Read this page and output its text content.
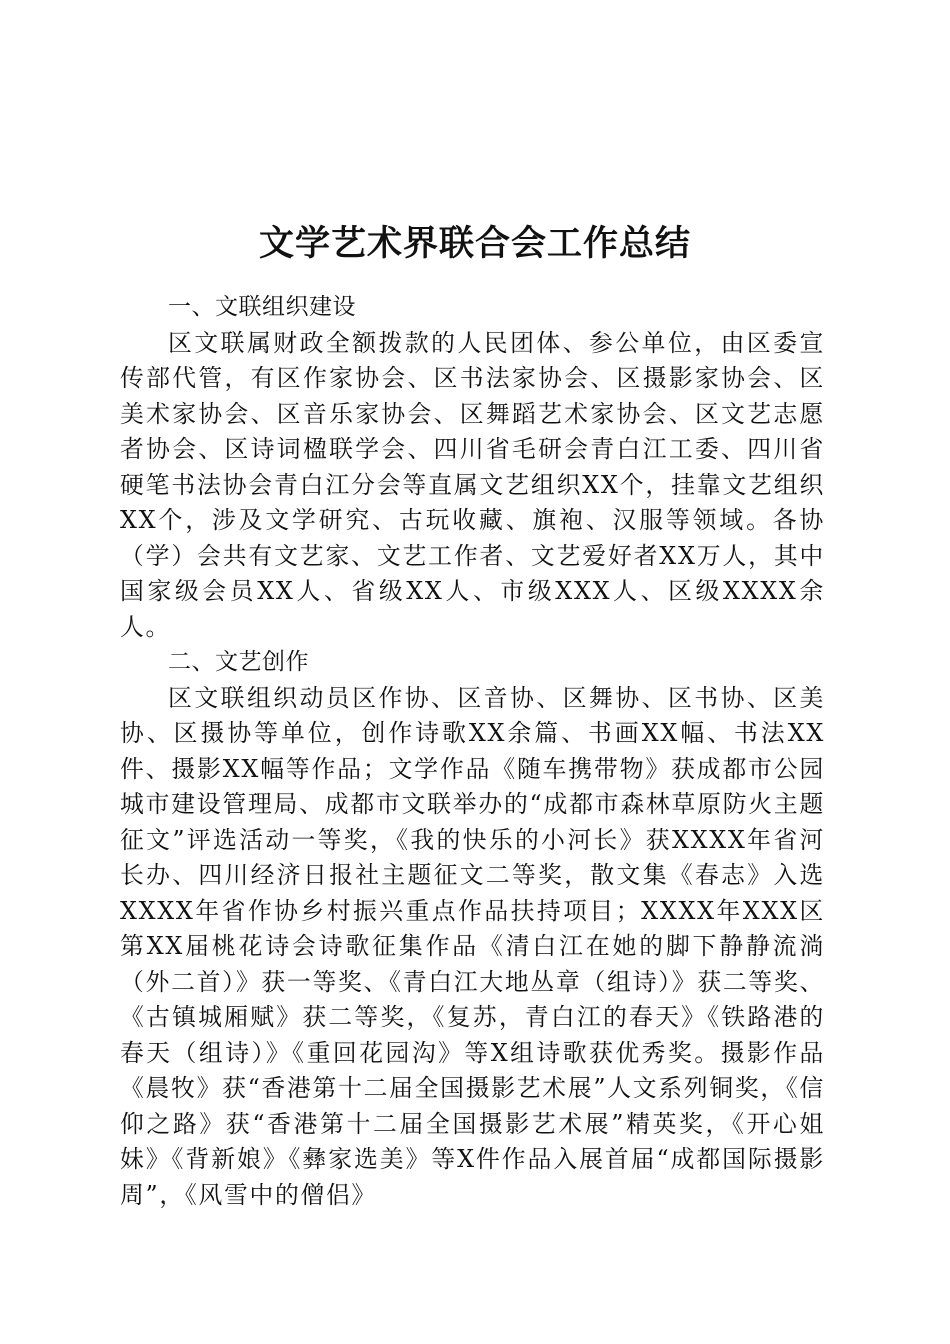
文学艺术界联合会工作总结
一、文联组织建设

区文联属财政全额拨款的人民团体、参公单位，由区委宣传部代管，有区作家协会、区书法家协会、区摄影家协会、区美术家协会、区音乐家协会、区舞蹈艺术家协会、区文艺志愿者协会、区诗词楹联学会、四川省毛研会青白江工委、四川省硬笔书法协会青白江分会等直属文艺组织XX个，挂靠文艺组织XX个，涉及文学研究、古玩收藏、旗袍、汉服等领域。各协（学）会共有文艺家、文艺工作者、文艺爱好者XX万人，其中国家级会员XX人、省级XX人、市级XXX人、区级XXXX余人。

二、文艺创作

区文联组织动员区作协、区音协、区舞协、区书协、区美协、区摄协等单位，创作诗歌XX余篇、书画XX幅、书法XX件、摄影XX幅等作品；文学作品《随车携带物》获成都市公园城市建设管理局、成都市文联举办的“成都市森林草原防火主题征文”评选活动一等奖，《我的快乐的小河长》获XXXX年省河长办、四川经济日报社主题征文二等奖，散文集《春志》入选XXXX年省作协乡村振兴重点作品扶持项目；XXXX年XXX区第XX届桃花诗会诗歌征集作品《清白江在她的脚下静静流淌（外二首）》获一等奖、《青白江大地丛章（组诗）》获二等奖、《古镇城厢赋》获二等奖，《复苏，青白江的春天》《铁路港的春天（组诗）》《重回花园沟》等X组诗歌获优秀奖。摄影作品《晨牧》获“香港第十二届全国摄影艺术展”人文系列铜奖，《信仰之路》获“香港第十二届全国摄影艺术展”精英奖，《开心姐妹》《背新娘》《彝家选美》等X件作品入展首届“成都国际摄影周”，《风雪中的僧侣》
